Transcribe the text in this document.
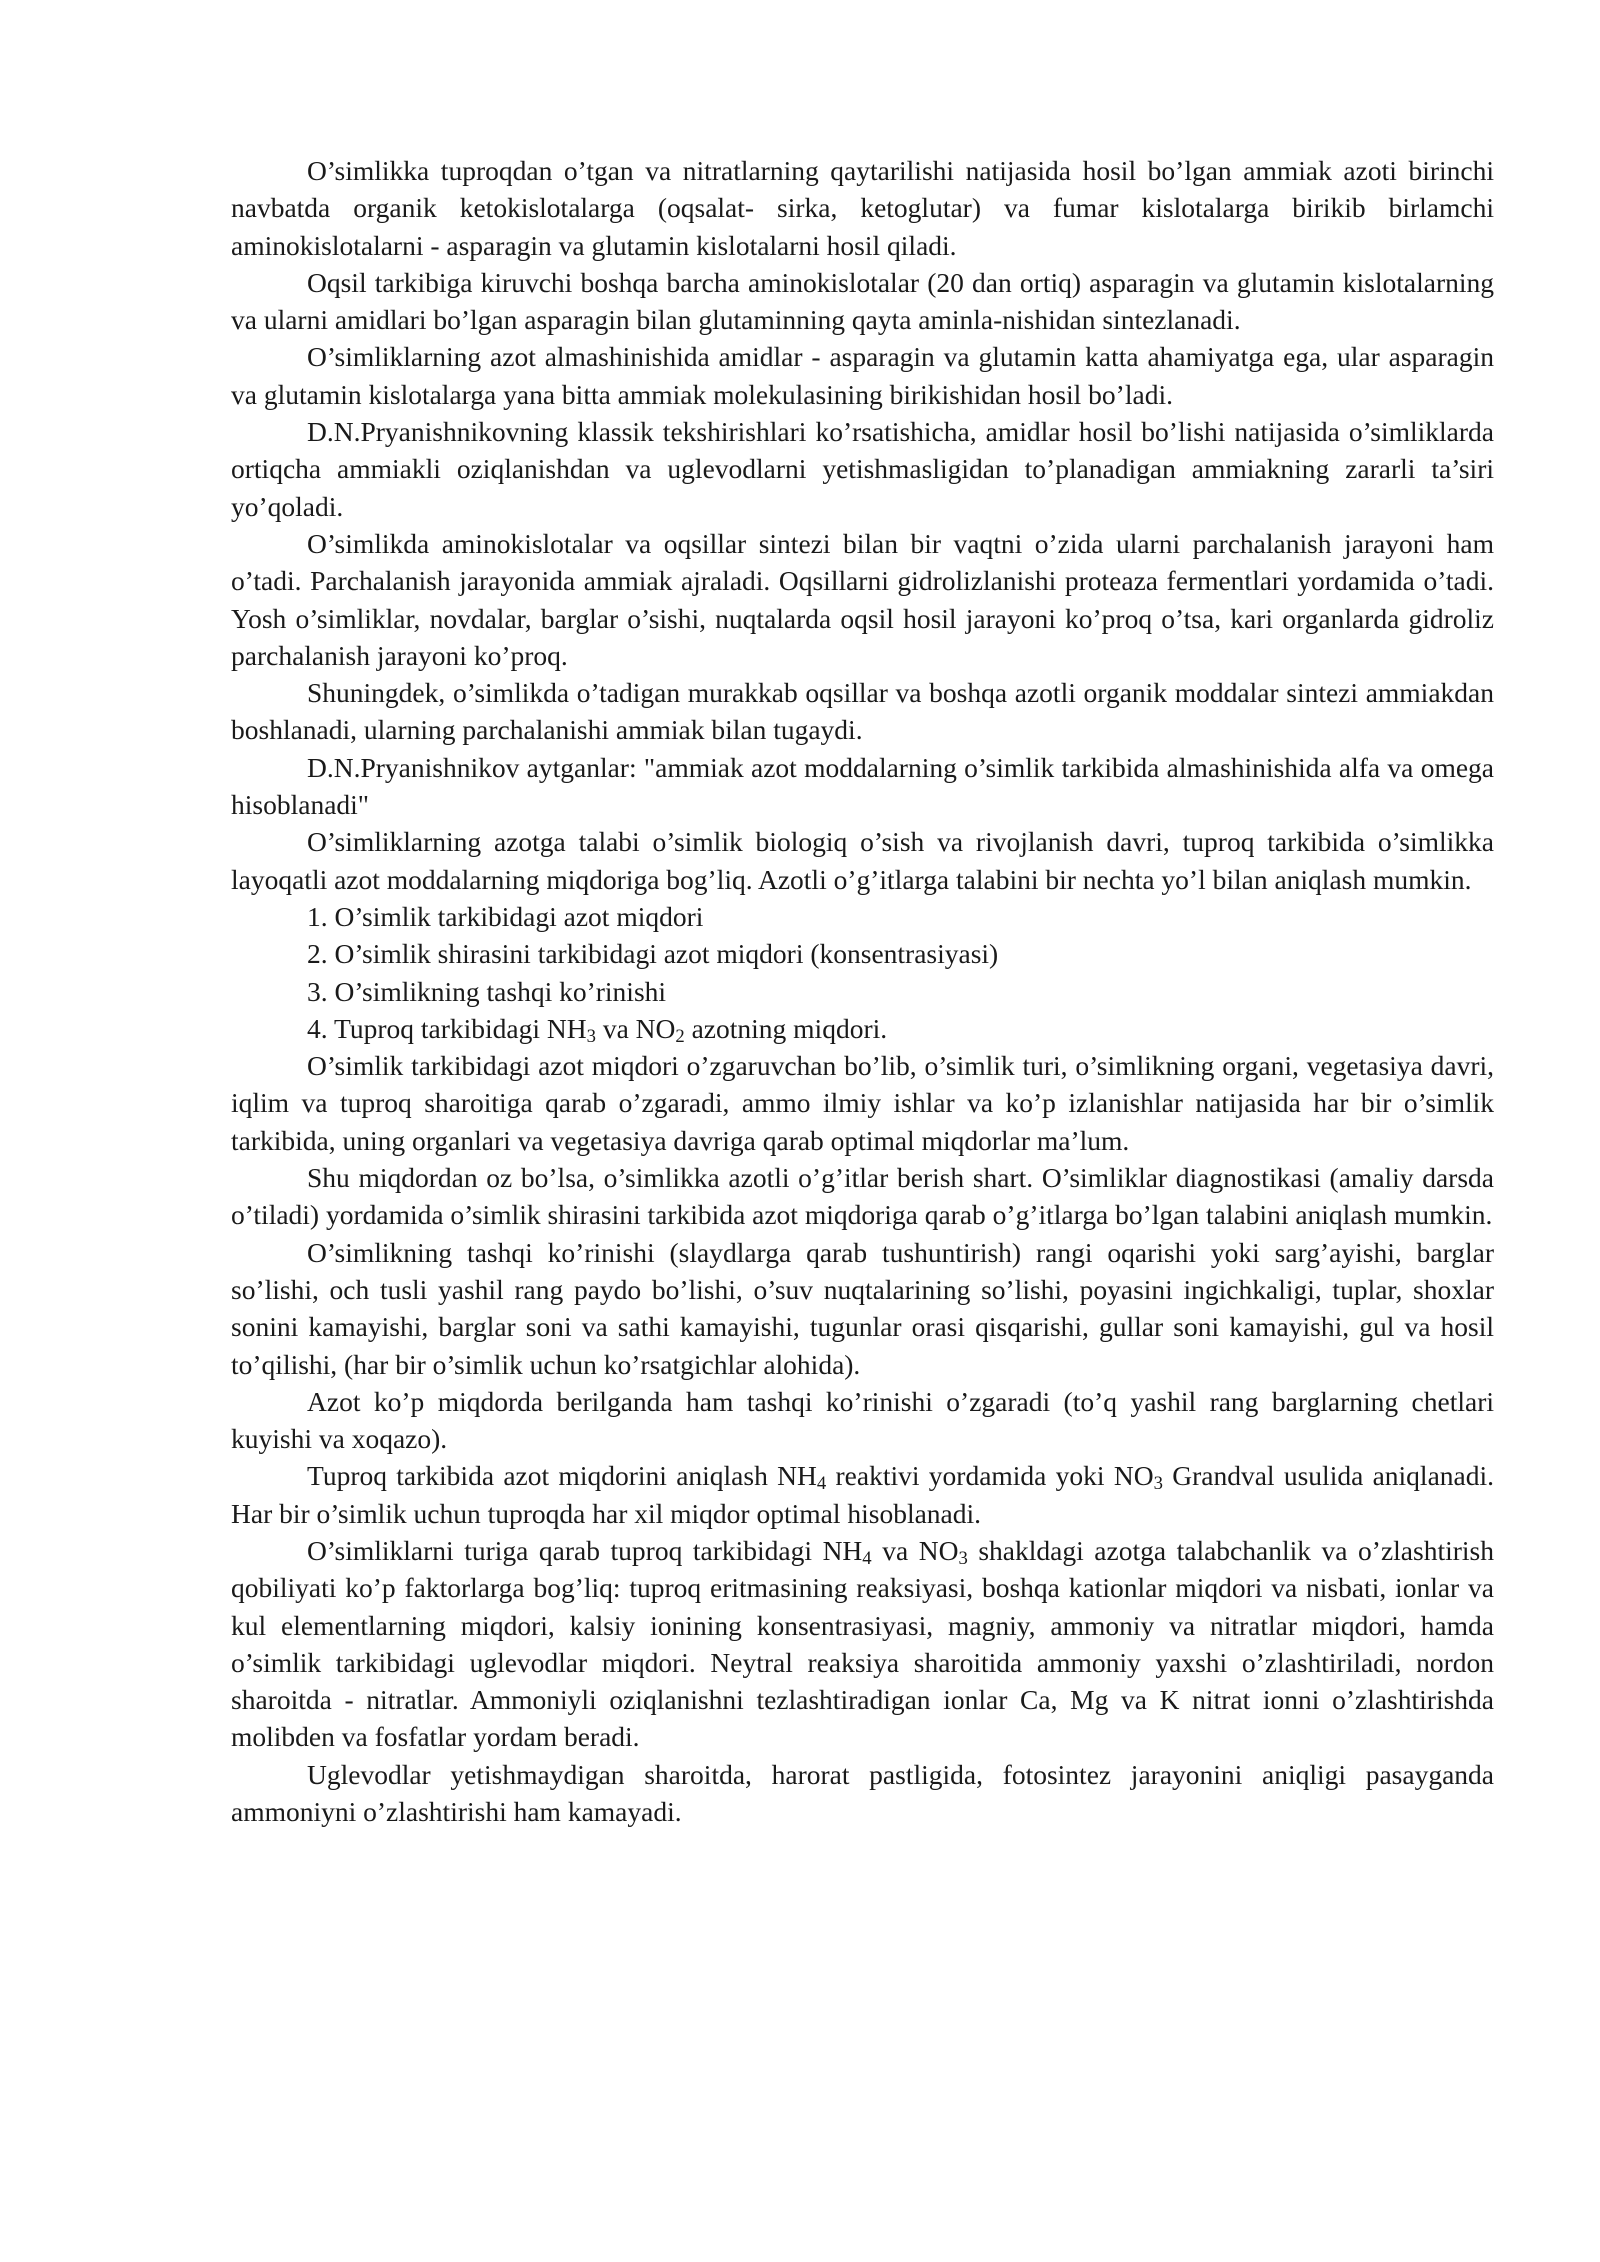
O’simlikka tuproqdan o’tgan va nitratlarning qaytarilishi natijasida hosil bo’lgan ammiak azoti birinchi navbatda organik ketokislotalarga (oqsalat- sirka, ketoglutar) va fumar kislotalarga birikib birlamchi aminokislotalarni - asparagin va glutamin kislotalarni hosil qiladi.

Oqsil tarkibiga kiruvchi boshqa barcha aminokislotalar (20 dan ortiq) asparagin va glutamin kislotalarning va ularni amidlari bo’lgan asparagin bilan glutaminning qayta aminla-nishidan sintezlanadi.

O’simliklarning azot almashinishida amidlar - asparagin va glutamin katta ahamiyatga ega, ular asparagin va glutamin kislotalarga yana bitta ammiak molekulasining birikishidan hosil bo’ladi.

D.N.Pryanishnikovning klassik tekshirishlari ko’rsatishicha, amidlar hosil bo’lishi natijasida o’simliklarda ortiqcha ammiakli oziqlanishdan va uglevodlarni yetishmasligidan to’planadigan ammiakning zararli ta’siri yo’qoladi.

O’simlikda aminokislotalar va oqsillar sintezi bilan bir vaqtni o’zida ularni parchalanish jarayoni ham o’tadi. Parchalanish jarayonida ammiak ajraladi. Oqsillarni gidrolizlanishi proteaza fermentlari yordamida o’tadi. Yosh o’simliklar, novdalar, barglar o’sishi, nuqtalarda oqsil hosil jarayoni ko’proq o’tsa, kari organlarda gidroliz parchalanish jarayoni ko’proq.

Shuningdek, o’simlikda o’tadigan murakkab oqsillar va boshqa azotli organik moddalar sintezi ammiakdan boshlanadi, ularning parchalanishi ammiak bilan tugaydi.

D.N.Pryanishnikov aytganlar: "ammiak azot moddalarning o’simlik tarkibida almashinishida alfa va omega hisoblanadi"

O’simliklarning azotga talabi o’simlik biologiq o’sish va rivojlanish davri, tuproq tarkibida o’simlikka layoqatli azot moddalarning miqdoriga bog’liq. Azotli o’g’itlarga talabini bir nechta yo’l bilan aniqlash mumkin.

1. O’simlik tarkibidagi azot miqdori

2. O’simlik shirasini tarkibidagi azot miqdori (konsentrasiyasi)

3. O’simlikning tashqi ko’rinishi

4. Tuproq tarkibidagi $NH_3$ va $NO_2$ azotning miqdori.

O’simlik tarkibidagi azot miqdori o’zgaruvchan bo’lib, o’simlik turi, o’simlikning organi, vegetasiya davri, iqlim va tuproq sharoitiga qarab o’zgaradi, ammo ilmiy ishlar va ko’p izlanishlar natijasida har bir o’simlik tarkibida, uning organlari va vegetasiya davriga qarab optimal miqdorlar ma’lum.

Shu miqdordan oz bo’lsa, o’simlikka azotli o’g’itlar berish shart. O’simliklar diagnostikasi (amaliy darsda o’tiladi) yordamida o’simlik shirasini tarkibida azot miqdoriga qarab o’g’itlarga bo’lgan talabini aniqlash mumkin.

O’simlikning tashqi ko’rinishi (slaydlarga qarab tushuntirish) rangi oqarishi yoki sarg’ayishi, barglar so’lishi, och tusli yashil rang paydo bo’lishi, o’suv nuqtalarining so’lishi, poyasini ingichkaligi, tuplar, shoxlar sonini kamayishi, barglar soni va sathi kamayishi, tugunlar orasi qisqarishi, gullar soni kamayishi, gul va hosil to’qilishi, (har bir o’simlik uchun ko’rsatgichlar alohida).

Azot ko’p miqdorda berilganda ham tashqi ko’rinishi o’zgaradi (to’q yashil rang barglarning chetlari kuyishi va xoqazo).

Tuproq tarkibida azot miqdorini aniqlash $NH_4$ reaktivi yordamida yoki $NO_3$ Grandval usulida aniqlanadi. Har bir o’simlik uchun tuproqda har xil miqdor optimal hisoblanadi.

O’simliklarni turiga qarab tuproq tarkibidagi $NH_4$ va $NO_3$ shakldagi azotga talabchanlik va o’zlashtirish qobiliyati ko’p faktorlarga bog’liq: tuproq eritmasining reaksiyasi, boshqa kationlar miqdori va nisbati, ionlar va kul elementlarning miqdori, kalsiy ionining konsentrasiyasi, magniy, ammoniy va nitratlar miqdori, hamda o’simlik tarkibidagi uglevodlar miqdori. Neytral reaksiya sharoitida ammoniy yaxshi o’zlashtiriladi, nordon sharoitda - nitratlar. Ammoniyli oziqlanishni tezlashtiradigan ionlar Ca, Mg va K nitrat ionni o’zlashtirishda molibden va fosfatlar yordam beradi.

Uglevodlar yetishmaydigan sharoitda, harorat pastligida, fotosintez jarayonini aniqligi pasayganda ammoniyni o’zlashtirishi ham kamayadi.
